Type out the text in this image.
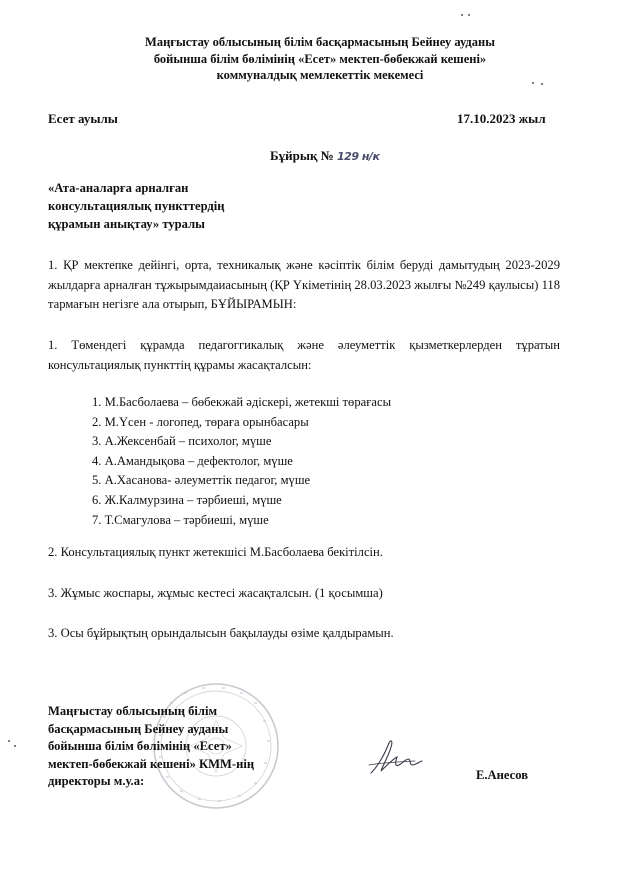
Маңғыстау облысының білім басқармасының Бейнеу ауданы
бойынша білім бөлімінің «Есет» мектеп-бөбекжай кешені»
коммуналдық мемлекеттік мекемесі
Есет ауылы	17.10.2023 жыл
Бұйрық № 129 н/к
«Ата-аналарға арналған
консультациялық пункттердің
құрамын анықтау» туралы
1. ҚР мектепке дейінгі, орта, техникалық және кәсіптік білім беруді дамытудың 2023-2029 жылдарға арналған тұжырымдаиасының (ҚР Үкіметінің 28.03.2023 жылғы №249 қаулысы) 118 тармағын негізге ала отырып, БҰЙЫРАМЫН:
1. Төмендегі құрамда педагоггикалық және әлеуметтік қызметкерлерден тұратын консультациялық пункттің құрамы жасақталсын:
1. М.Басболаева – бөбекжай әдіскері, жетекші төрағасы
2. М.Үсен - логопед, төраға орынбасары
3. А.Жексенбай – психолог, мүше
4. А.Амандықова – дефектолог, мүше
5. А.Хасанова- әлеуметтік педагог, мүше
6. Ж.Калмурзина – тәрбиеші, мүше
7. Т.Смагулова – тәрбиеші, мүше
2. Консультациялық пункт жетекшісі М.Басболаева бекітілсін.
3. Жұмыс жоспары, жұмыс кестесі жасақталсын. (1 қосымша)
3. Осы бұйрықтың орындалысын бақылауды өзіме қалдырамын.
Маңғыстау облысының білім
басқармасының Бейнеу ауданы
бойынша білім бөлімінің «Есет»
мектеп-бөбекжай кешені» КММ-нің
директоры м.у.а:	Е.Анесов
